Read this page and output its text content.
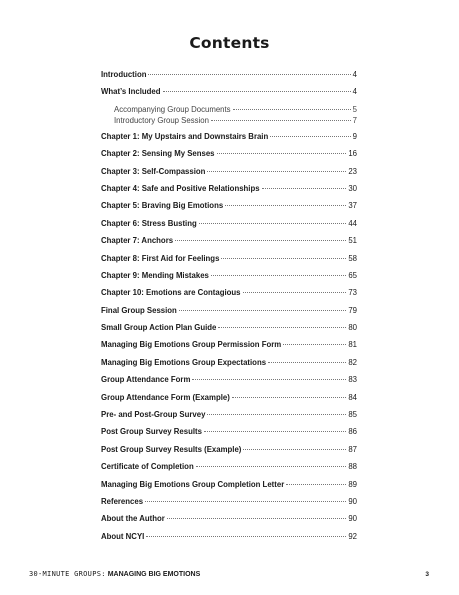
Contents
Introduction	4
What’s Included	4
Accompanying Group Documents	5
Introductory Group Session	7
Chapter 1: My Upstairs and Downstairs Brain	9
Chapter 2: Sensing My Senses	16
Chapter 3: Self-Compassion	23
Chapter 4: Safe and Positive Relationships	30
Chapter 5: Braving Big Emotions	37
Chapter 6: Stress Busting	44
Chapter 7: Anchors	51
Chapter 8: First Aid for Feelings	58
Chapter 9: Mending Mistakes	65
Chapter 10: Emotions are Contagious	73
Final Group Session	79
Small Group Action Plan Guide	80
Managing Big Emotions Group Permission Form	81
Managing Big Emotions Group Expectations	82
Group Attendance Form	83
Group Attendance Form (Example)	84
Pre- and Post-Group Survey	85
Post Group Survey Results	86
Post Group Survey Results (Example)	87
Certificate of Completion	88
Managing Big Emotions Group Completion Letter	89
References	90
About the Author	90
About NCYI	92
30-MINUTE GROUPS: MANAGING BIG EMOTIONS	3
